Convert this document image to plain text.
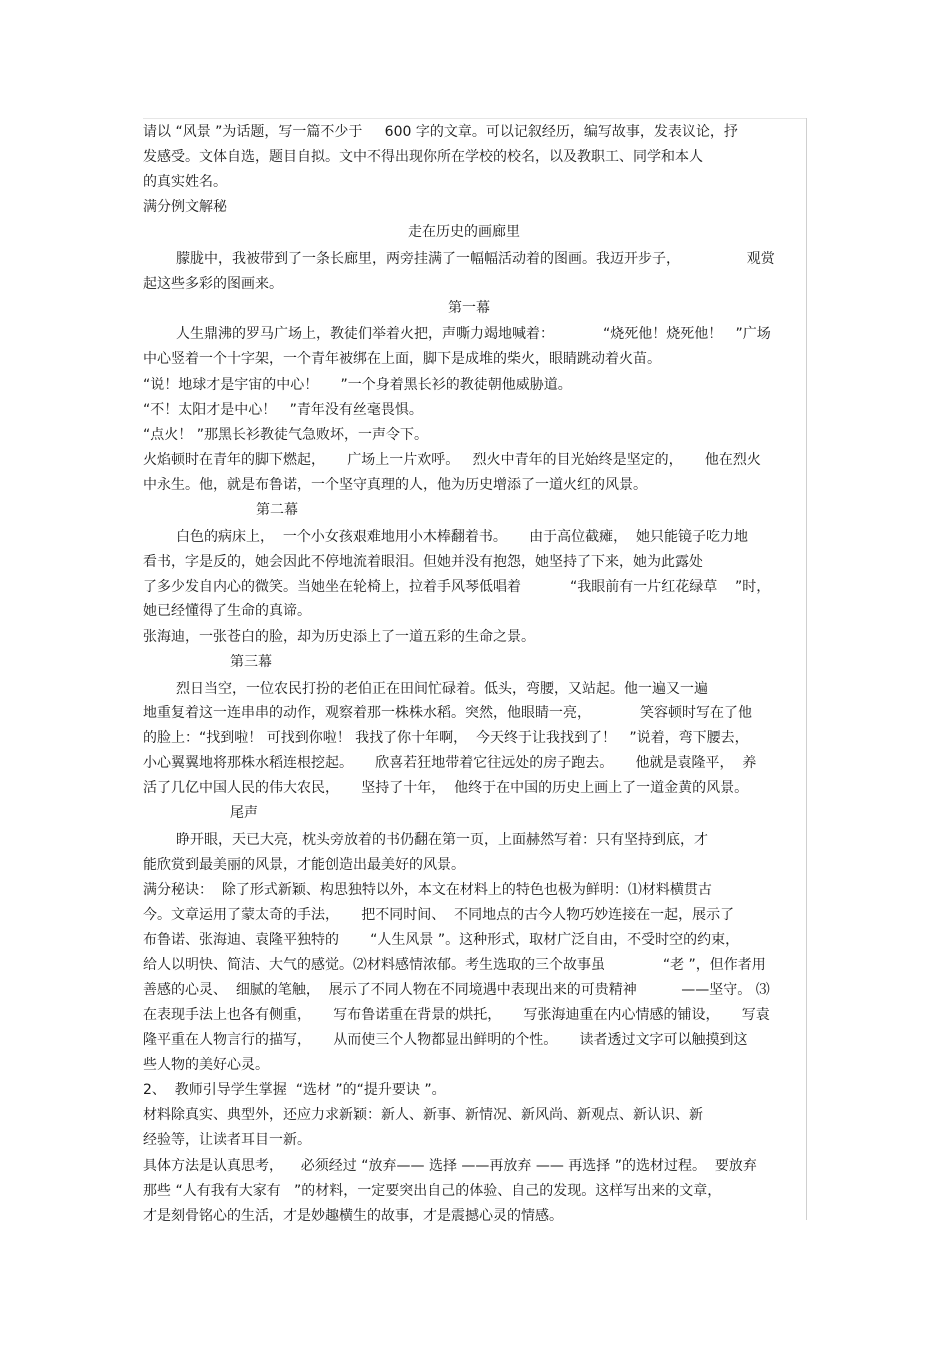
请以 “风景 ”为话题，写一篇不少于     600 字的文章。可以记叙经历，编写故事，发表议论，抒

发感受。文体自选，题目自拟。文中不得出现你所在学校的校名，以及教职工、同学和本人

的真实姓名。

满分例文解秘

走在历史的画廊里

朦胧中，我被带到了一条长廊里，两旁挂满了一幅幅活动着的图画。我迈开步子，               观赏

起这些多彩的图画来。

第一幕

人生鼎沸的罗马广场上，教徒们举着火把，声嘶力竭地喊着：           “烧死他！烧死他！   ”广场

中心竖着一个十字架，一个青年被绑在上面，脚下是成堆的柴火，眼睛跳动着火苗。

“说！地球才是宇宙的中心！     ”一个身着黑长衫的教徒朝他威胁道。

“不！太阳才是中心！   ”青年没有丝毫畏惧。

“点火！ ”那黑长衫教徒气急败坏，一声令下。

火焰顿时在青年的脚下燃起，     广场上一片欢呼。   烈火中青年的目光始终是坚定的，     他在烈火

中永生。他，就是布鲁诺，一个坚守真理的人，他为历史增添了一道火红的风景。

第二幕

白色的病床上，  一个小女孩艰难地用小木棒翻着书。     由于高位截瘫，  她只能镜子吃力地

看书，字是反的，她会因此不停地流着眼泪。但她并没有抱怨，她坚持了下来，她为此露处

了多少发自内心的微笑。当她坐在轮椅上，拉着手风琴低唱着           “我眼前有一片红花绿草    ”时，

她已经懂得了生命的真谛。

张海迪，一张苍白的脸，却为历史添上了一道五彩的生命之景。

第三幕

烈日当空，一位农民打扮的老伯正在田间忙碌着。低头，弯腰，又站起。他一遍又一遍

地重复着这一连串串的动作，观察着那一株株水稻。突然，他眼睛一亮，           笑容顿时写在了他

的脸上：“找到啦！ 可找到你啦！ 我找了你十年啊，  今天终于让我找到了！   ”说着，弯下腰去，

小心翼翼地将那株水稻连根挖起。     欣喜若狂地带着它往远处的房子跑去。     他就是袁隆平，  养

活了几亿中国人民的伟大农民，     坚持了十年，  他终于在中国的历史上画上了一道金黄的风景。

尾声

睁开眼，天已大亮，枕头旁放着的书仍翻在第一页，上面赫然写着：只有坚持到底，才

能欣赏到最美丽的风景，才能创造出最美好的风景。

满分秘诀：  除了形式新颖、构思独特以外，本文在材料上的特色也极为鲜明：⑴材料横贯古

今。文章运用了蒙太奇的手法，     把不同时间、  不同地点的古今人物巧妙连接在一起，展示了

布鲁诺、张海迪、袁隆平独特的       “人生风景 ”。这种形式，取材广泛自由，不受时空的约束，

给人以明快、简洁、大气的感觉。⑵材料感情浓郁。考生选取的三个故事虽             “老 ”，但作者用

善感的心灵、  细腻的笔触，  展示了不同人物在不同境遇中表现出来的可贵精神          ——坚守。 ⑶

在表现手法上也各有侧重，     写布鲁诺重在背景的烘托，     写张海迪重在内心情感的铺设，     写袁

隆平重在人物言行的描写，     从而使三个人物都显出鲜明的个性。     读者透过文字可以触摸到这

些人物的美好心灵。

2、  教师引导学生掌握  “选材 ”的“提升要诀 ”。

材料除真实、典型外，还应力求新颖：新人、新事、新情况、新风尚、新观点、新认识、新

经验等，让读者耳目一新。

具体方法是认真思考，    必须经过 “放弃—— 选择 ——再放弃 —— 再选择 ”的选材过程。  要放弃

那些 “人有我有大家有   ”的材料，一定要突出自己的体验、自己的发现。这样写出来的文章，

才是刻骨铭心的生活，才是妙趣横生的故事，才是震撼心灵的情感。
